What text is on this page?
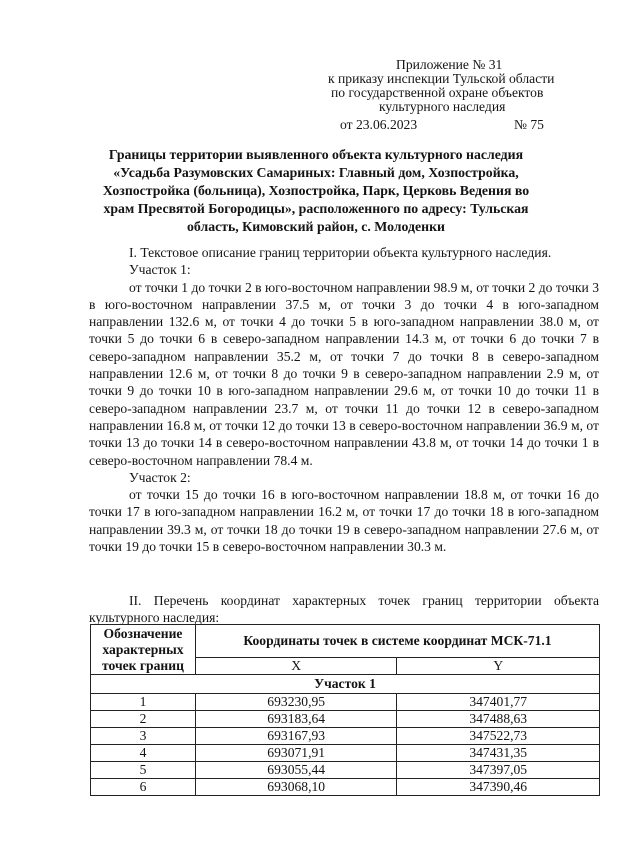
Приложение № 31
к приказу инспекции Тульской области
по государственной охране объектов
культурного наследия
от 23.06.2023	№ 75
Границы территории выявленного объекта культурного наследия «Усадьба Разумовских Самариных: Главный дом, Хозпостройка, Хозпостройка (больница), Хозпостройка, Парк, Церковь Ведения во храм Пресвятой Богородицы», расположенного по адресу: Тульская область, Кимовский район, с. Молоденки

I. Текстовое описание границ территории объекта культурного наследия.

Участок 1:

от точки 1 до точки 2 в юго-восточном направлении 98.9 м, от точки 2 до точки 3 в юго-восточном направлении 37.5 м, от точки 3 до точки 4 в юго-западном направлении 132.6 м, от точки 4 до точки 5 в юго-западном направлении 38.0 м, от точки 5 до точки 6 в северо-западном направлении 14.3 м, от точки 6 до точки 7 в северо-западном направлении 35.2 м, от точки 7 до точки 8 в северо-западном направлении 12.6 м, от точки 8 до точки 9 в северо-западном направлении 2.9 м, от точки 9 до точки 10 в юго-западном направлении 29.6 м, от точки 10 до точки 11 в северо-западном направлении 23.7 м, от точки 11 до точки 12 в северо-западном направлении 16.8 м, от точки 12 до точки 13 в северо-восточном направлении 36.9 м, от точки 13 до точки 14 в северо-восточном направлении 43.8 м, от точки 14 до точки 1 в северо-восточном направлении 78.4 м.

Участок 2:

от точки 15 до точки 16 в юго-восточном направлении 18.8 м, от точки 16 до точки 17 в юго-западном направлении 16.2 м, от точки 17 до точки 18 в юго-западном направлении 39.3 м, от точки 18 до точки 19 в северо-западном направлении 27.6 м, от точки 19 до точки 15 в северо-восточном направлении 30.3 м.

II. Перечень координат характерных точек границ территории объекта культурного наследия:

Обозначение характерных точек границ	Координаты точек в системе координат МСК-71.1	
	X	Y
Участок 1		
1	693230,95	347401,77
2	693183,64	347488,63
3	693167,93	347522,73
4	693071,91	347431,35
5	693055,44	347397,05
6	693068,10	347390,46
